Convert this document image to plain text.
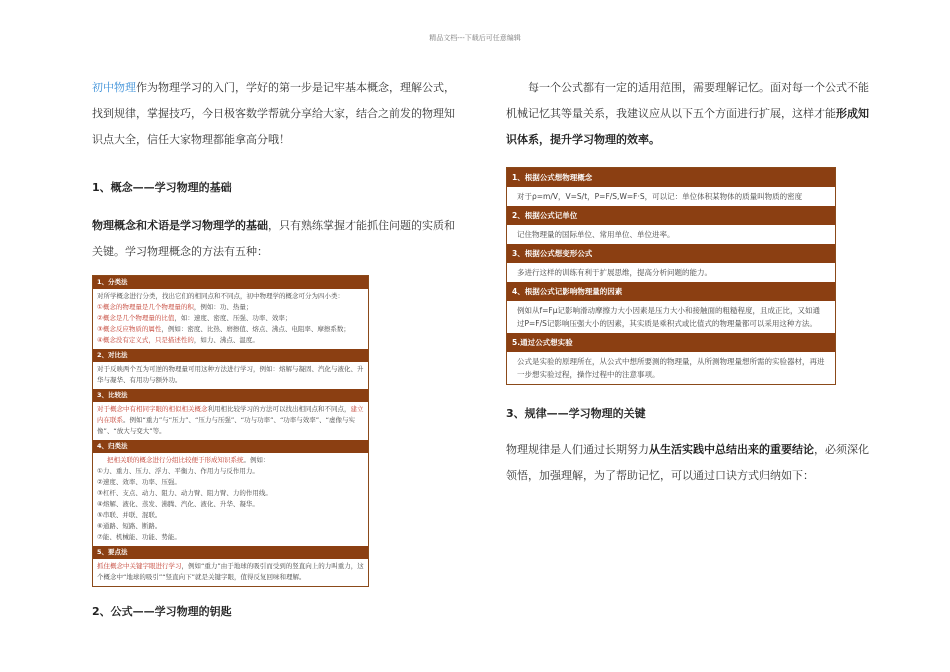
精品文档---下载后可任意编辑

初中物理作为物理学习的入门，学好的第一步是记牢基本概念，理解公式，找到规律，掌握技巧，今日极客数学帮就分享给大家，结合之前发的物理知识点大全，信任大家物理都能拿高分哦！

1、概念——学习物理的基础

物理概念和术语是学习物理学的基础，只有熟练掌握才能抓住问题的实质和关键。学习物理概念的方法有五种：

1、分类法
对所学概念进行分类，找出它们的相同点和不同点，初中物理学的概念可分为四小类：
①概念的物理量是几个物理量的积，例如：功、热量；
②概念是几个物理量的比值，如：速度、密度、压强、功率、效率；
③概念反应物质的属性，例如：密度、比热、磨擦值、熔点、沸点、电阻率、摩擦系数；
④概念没有定义式，只是描述性的，如力、沸点、温度。
2、对比法
对于反映两个互为可逆的物理量可用这种方法进行学习，例如：熔解与凝固、汽化与液化、升华与凝华、有用功与额外功。
3、比较法
对于概念中有相同字眼的相似相关概念利用相比较学习的方法可以找出相同点和不同点，建立内在联系。例如“重力”与“压力”、“压力与压强”、“功与功率”、“功率与效率”、“虚像与实像”、“放大与变大”等。
4、归类法
把相关联的概念进行分组比较便于形成知识系统。例如：
①力、重力、压力、浮力、平衡力、作用力与反作用力。
②速度、效率、功率、压强。
③杠杆、支点、动力、阻力、动力臂、阻力臂、力的作用线。
④熔解、液化、蒸发、沸腾、汽化、液化、升华、凝华。
⑤串联、并联、混联。
⑥通路、短路、断路。
⑦能、机械能、功能、势能。
5、要点法
抓住概念中关键字眼进行学习，例如“重力”由于地球的吸引而受到的竖直向上的力叫重力，这个概念中“地球的吸引”“竖直向下”就是关键字眼，值得反复回味和理解。

2、公式——学习物理的钥匙

每一个公式都有一定的适用范围，需要理解记忆。面对每一个公式不能机械记忆其等量关系，我建议应从以下五个方面进行扩展，这样才能形成知识体系，提升学习物理的效率。

1、根据公式想物理概念
对于ρ=m/V，V=S/t，P=F/S,W=F·S，可以记：单位体积某物体的质量叫物质的密度
2、根据公式记单位
记住物理量的国际单位、常用单位、单位进率。
3、根据公式想变形公式
多进行这样的训练有利于扩展思维，提高分析问题的能力。
4、根据公式记影响物理量的因素
例如从f=Fμ记影响滑动摩擦力大小因素是压力大小和接触面的粗糙程度，且成正比，又如通过P=F/S记影响压强大小的因素，其实质是乘积式或比值式的物理量都可以采用这种方法。
5.通过公式想实验
公式是实验的原理所在，从公式中想所要测的物理量，从所测物理量想所需的实验器材，再进一步想实验过程，操作过程中的注意事项。

3、规律——学习物理的关键

物理规律是人们通过长期努力从生活实践中总结出来的重要结论，必须深化领悟，加强理解，为了帮助记忆，可以通过口诀方式归纳如下：
